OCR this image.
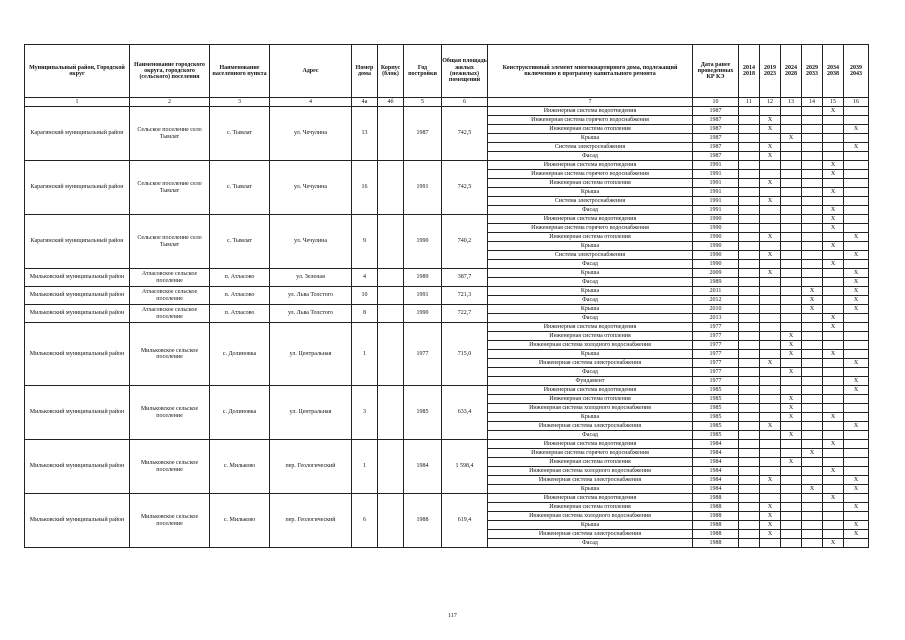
Муниципальный район, Городской округ	Наименование городского округа, городского (сельского) поселения	Наименование населенного пункта	Адрес	Номер дома	Корпус (блок)	Год постройки	Общая площадь жилых (нежилых) помещений	Конструктивный элемент многоквартирного дома, подлежащий включению в программу капитального ремонта	Дата ранее проведенных КР КЭ	2014 2018	2019 2023	2024 2028	2029 2033	2034 2038	2039 2043
1	2	3	4	4а	4б	5	6	7	10	11	12	13	14	15	16
Карагинский муниципальный район	Сельское поселение село Тымлат	с. Тымлат	ул. Чечулина	13		1987	742,5	Инженерная система водоотведения	1987					X	
								Инженерная система горячего водоснабжения	1987		X				
								Инженерная система отопления	1987		X				X
								Крыша	1987			X			
								Система электроснабжения	1987		X				X
								Фасад	1987		X				
Карагинский муниципальный район	Сельское поселение село Тымлат	с. Тымлат	ул. Чечулина	16		1991	742,5	Инженерная система водоотведения	1991					X	
								Инженерная система горячего водоснабжения	1991					X	
								Инженерная система отопления	1991		X				
								Крыша	1991					X	
								Система электроснабжения	1991		X				
								Фасад	1991					X	
Карагинский муниципальный район	Сельское поселение село Тымлат	с. Тымлат	ул. Чечулина	9		1990	740,2	Инженерная система водоотведения	1990					X	
								Инженерная система горячего водоснабжения	1990					X	
								Инженерная система отопления	1990		X				X
								Крыша	1990					X	
								Система электроснабжения	1990		X				X
								Фасад	1990					X	
Мильковский муниципальный район	Атласовское сельское поселение	п. Атласово	ул. Зеленая	4		1989	387,7	Крыша	2009		X				X
								Фасад	1989						X
Мильковский муниципальный район	Атласовское сельское поселение	п. Атласово	ул. Льва Толстого	10		1991	721,3	Крыша	2011				X		X
								Фасад	2012				X		X
Мильковский муниципальный район	Атласовское сельское поселение	п. Атласово	ул. Льва Толстого	8		1990	722,7	Крыша	2010				X		X
								Фасад	2013					X	
Мильковский муниципальный район	Мильковское сельское поселение	с. Долиновка	ул. Центральная	1		1977	715,0	Инженерная система водоотведения	1977					X	
								Инженерная система отопления	1977			X			
								Инженерная система холодного водоснабжения	1977			X			
								Крыша	1977			X		X	
								Инженерная система электроснабжения	1977		X				X
								Фасад	1977			X			
								Фундамент	1977						X
Мильковский муниципальный район	Мильковское сельское поселение	с. Долиновка	ул. Центральная	3		1985	633,4	Инженерная система водоотведения	1985						X
								Инженерная система отопления	1985			X			
								Инженерная система холодного водоснабжения	1985			X			
								Крыша	1985			X		X	
								Инженерная система электроснабжения	1985		X				X
								Фасад	1985			X			
Мильковский муниципальный район	Мильковское сельское поселение	с. Мильково	пер. Геологический	1		1984	1 598,4	Инженерная система водоотведения	1984					X	
								Инженерная система горячего водоснабжения	1984				X		
								Инженерная система отопления	1984			X			
								Инженерная система холодного водоснабжения	1984					X	
								Инженерная система электроснабжения	1984		X				X
								Крыша	1984				X		X
Мильковский муниципальный район	Мильковское сельское поселение	с. Мильково	пер. Геологический	6		1988	619,4	Инженерная система водоотведения	1988					X	
								Инженерная система отопления	1988		X				X
								Инженерная система холодного водоснабжения	1988		X				
								Крыша	1988		X				X
								Инженерная система электроснабжения	1988		X				X
								Фасад	1988					X	
117
